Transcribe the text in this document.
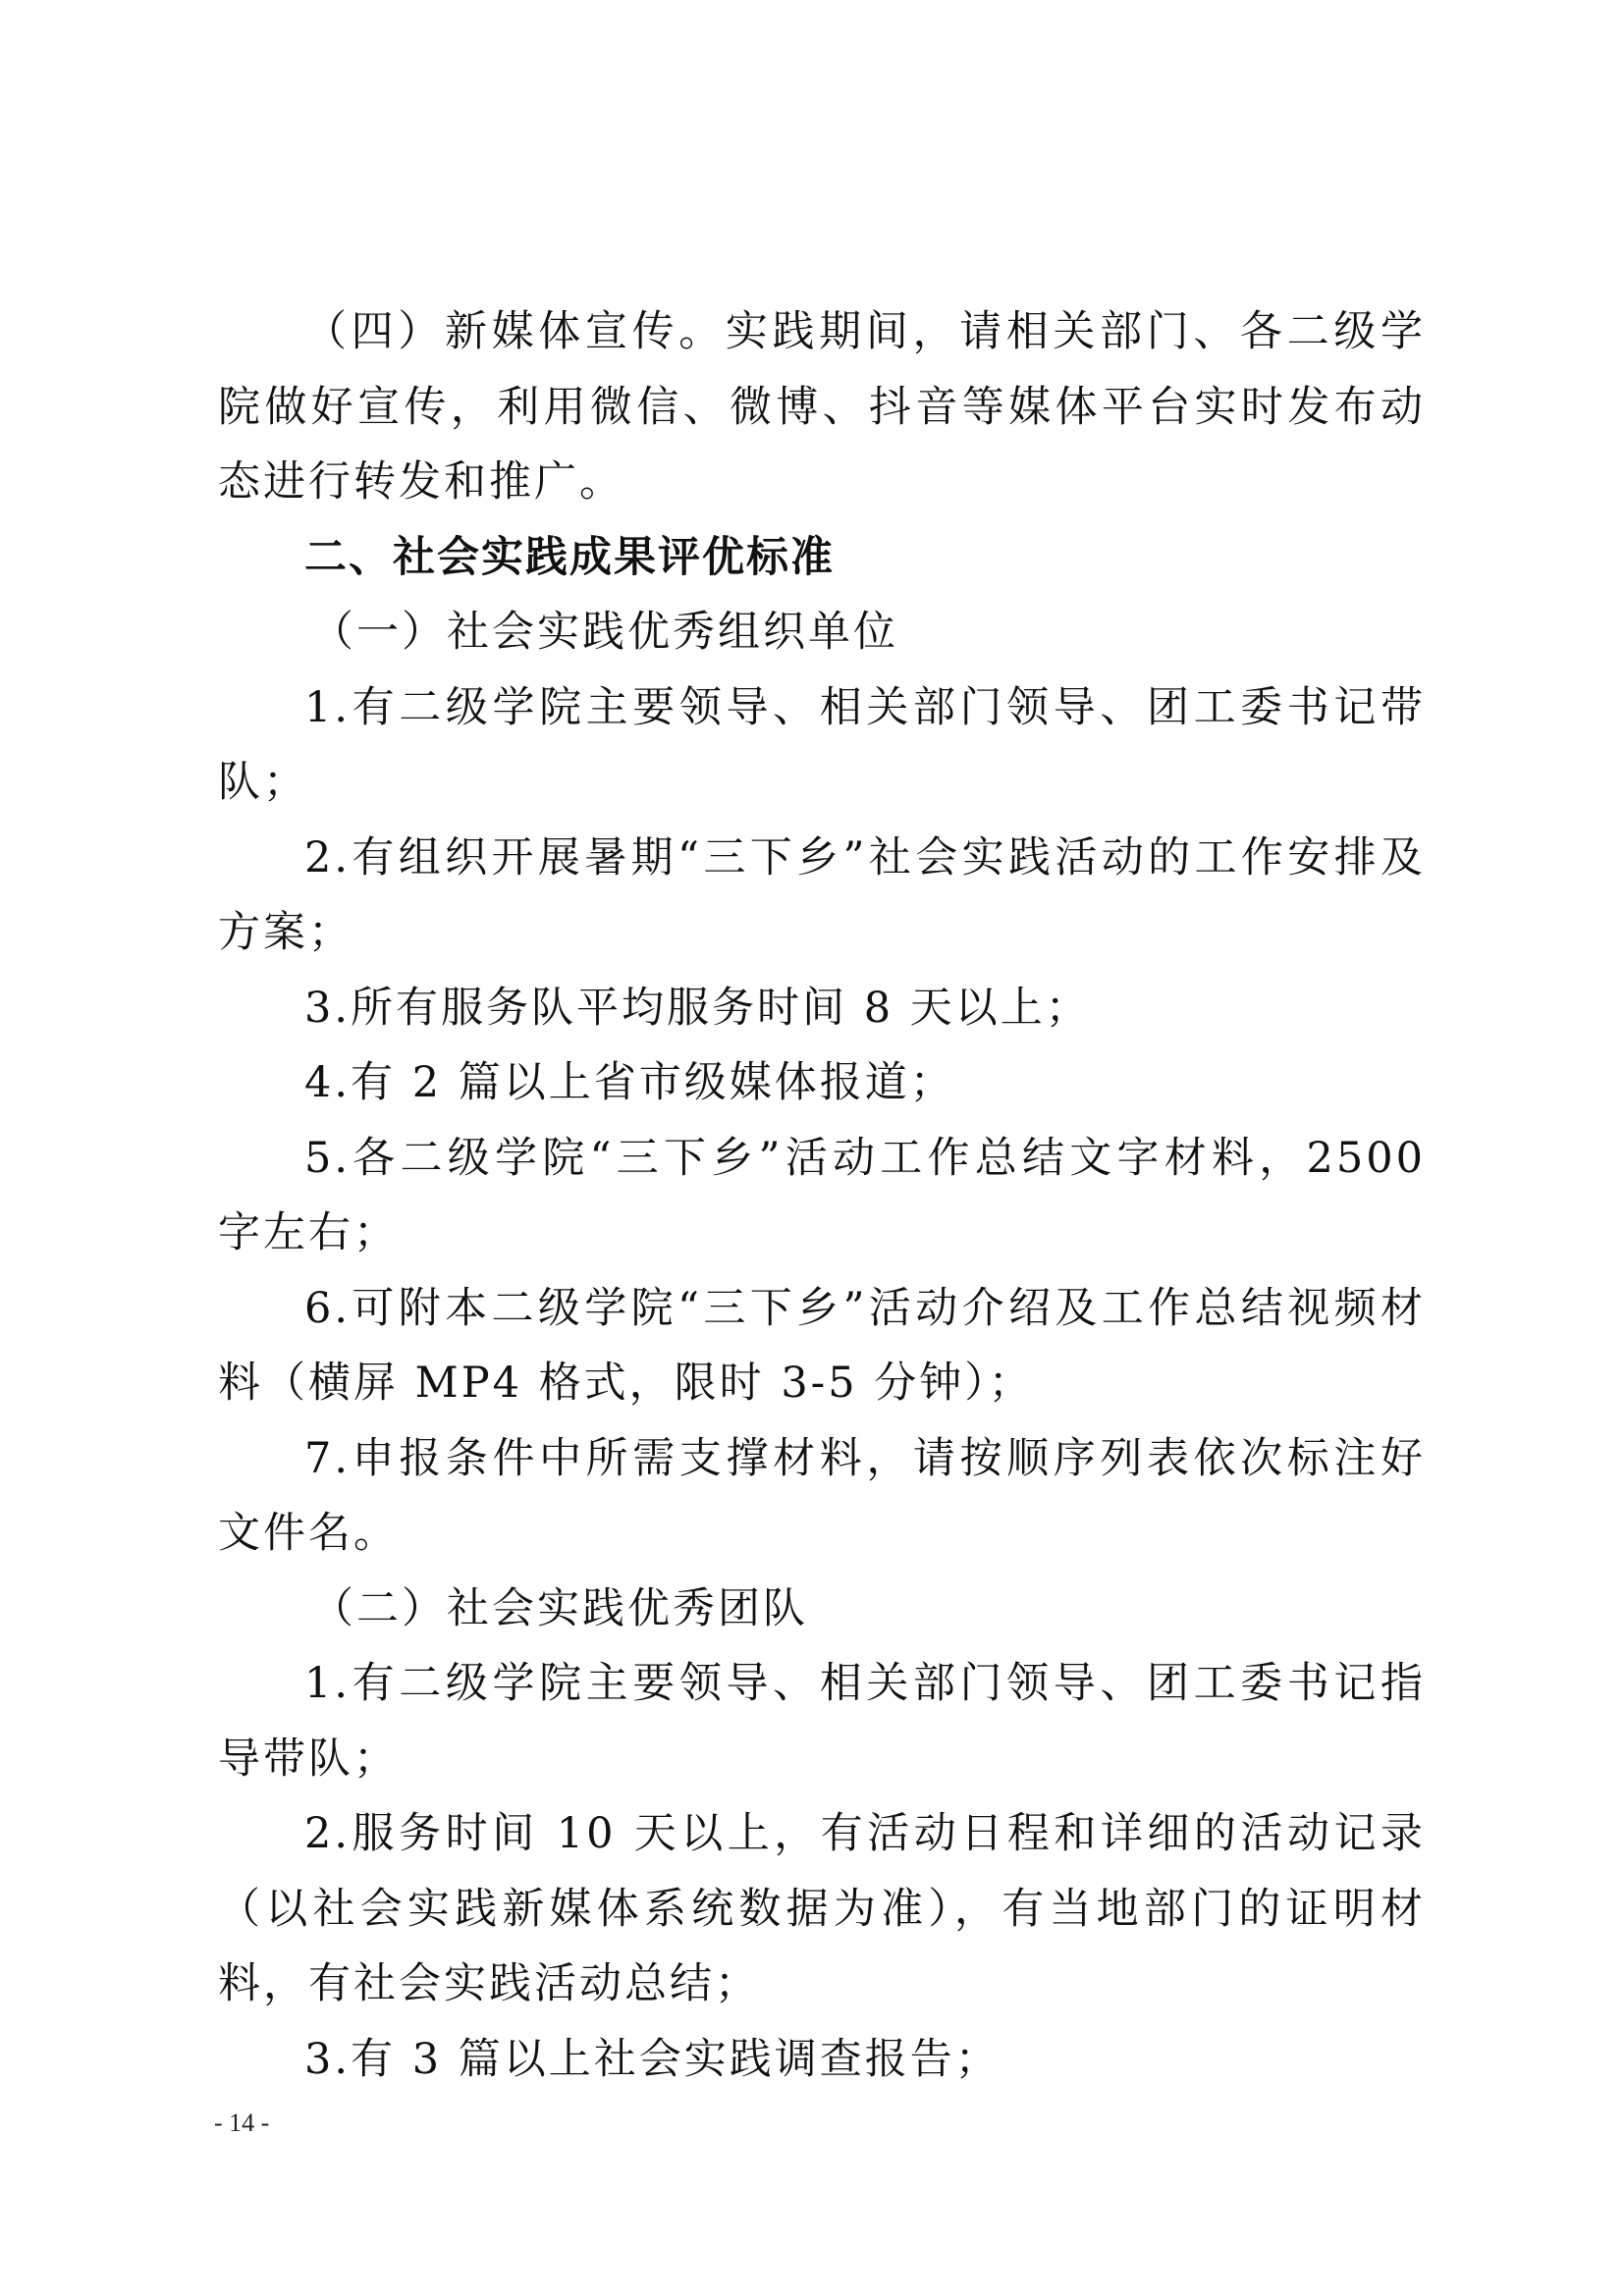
（四）新媒体宣传。实践期间，请相关部门、各二级学院做好宣传，利用微信、微博、抖音等媒体平台实时发布动态进行转发和推广。

二、社会实践成果评优标准

（一）社会实践优秀组织单位

1.有二级学院主要领导、相关部门领导、团工委书记带队；

2.有组织开展暑期“三下乡”社会实践活动的工作安排及方案；

3.所有服务队平均服务时间 8 天以上；

4.有 2 篇以上省市级媒体报道；

5.各二级学院“三下乡”活动工作总结文字材料，2500 字左右；

6.可附本二级学院“三下乡”活动介绍及工作总结视频材料（横屏 MP4 格式，限时 3-5 分钟）；

7.申报条件中所需支撑材料，请按顺序列表依次标注好文件名。

（二）社会实践优秀团队

1.有二级学院主要领导、相关部门领导、团工委书记指导带队；

2.服务时间 10 天以上，有活动日程和详细的活动记录（以社会实践新媒体系统数据为准），有当地部门的证明材料，有社会实践活动总结；

3.有 3 篇以上社会实践调查报告；

- 14 -
